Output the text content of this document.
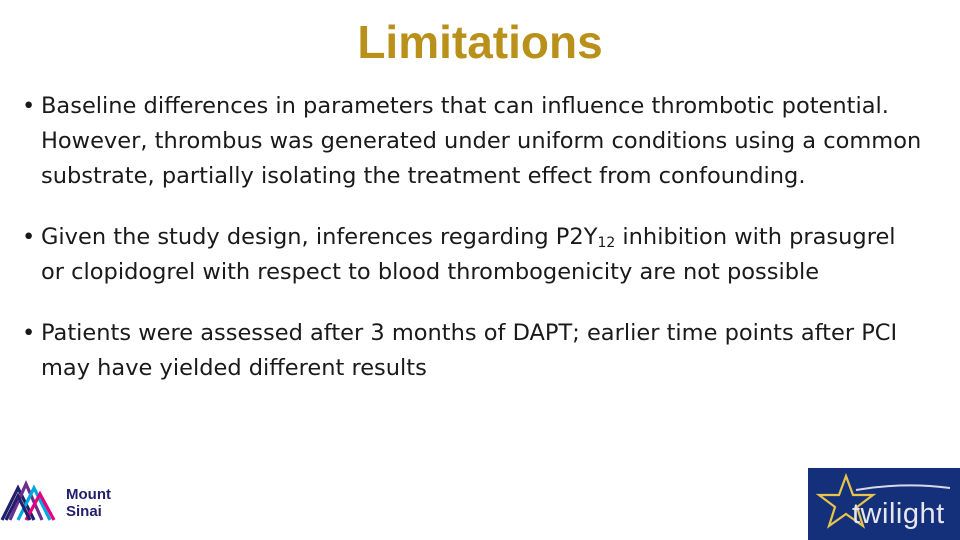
Limitations
• Baseline differences in parameters that can influence thrombotic potential. However, thrombus was generated under uniform conditions using a common substrate, partially isolating the treatment effect from confounding.
• Given the study design, inferences regarding $P2Y_{12}$ inhibition with prasugrel or clopidogrel with respect to blood thrombogenicity are not possible
• Patients were assessed after 3 months of DAPT; earlier time points after PCI may have yielded different results
Mount
Sinai	twilight
